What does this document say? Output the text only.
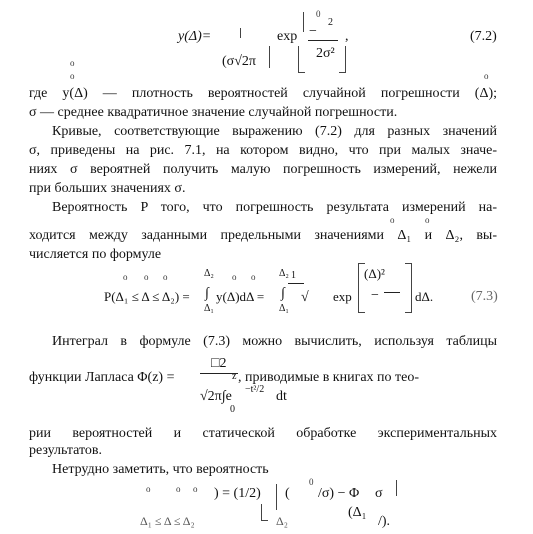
о
y(Δ)=
(σ√2π
exp
0
−
2
2σ²
,	(7.2)
о	о
где y(Δ) — плотность вероятностей случайной погрешности (Δ);
σ — среднее квадратичное значение случайной погрешности.
Кривые, соответствующие выражению (7.2) для разных значений
σ, приведены на рис. 7.1, на котором видно, что при малых значе-
ниях σ вероятней получить малую погрешность измерений, нежели
при больших значениях σ.
Вероятность P того, что погрешность результата измерений на-
о	о
ходится между заданными предельными значениями Δ₁ и Δ₂, вы-
числяется по формуле
о о о	о о
Δ₂	Δ₂
P(Δ₁ ≤ Δ ≤ Δ₂) = ∫ y(Δ)dΔ = ∫
1
√ exp
(Δ)²
−	dΔ.
Δ₁	Δ₁
(7.3)
Интеграл в формуле (7.3) можно вычислить, используя таблицы
функции Лапласа Φ(z) =
□2
z , приводимые в книгах по тео-
√2π∫e −t²/2 dt
0
рии вероятностей и статической обработке экспериментальных
результатов.
Нетрудно заметить, что вероятность
о	о о
0
) = (1/2) ( /σ) − Φ σ
Δ₁ ≤ Δ ≤ Δ₂	Δ₂
(Δ₁
/).
